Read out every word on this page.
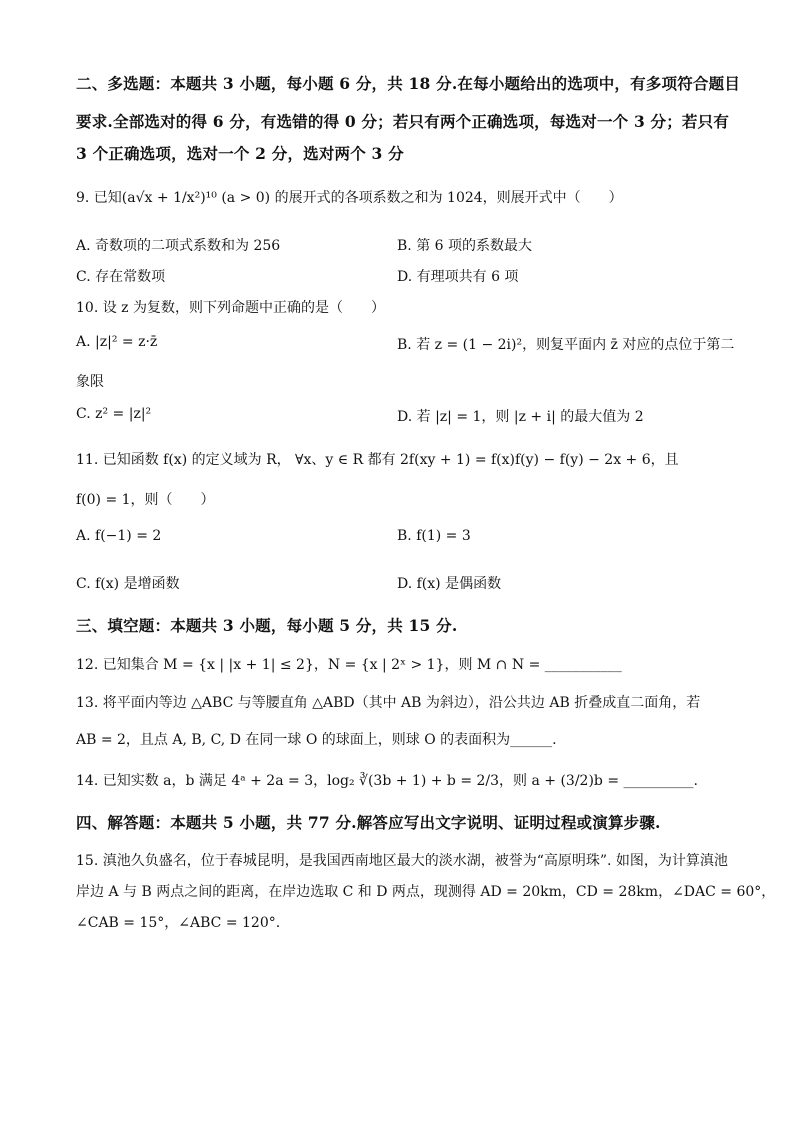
二、多选题：本题共 3 小题，每小题 6 分，共 18 分.在每小题给出的选项中，有多项符合题目
要求.全部选对的得 6 分，有选错的得 0 分；若只有两个正确选项，每选对一个 3 分；若只有
3 个正确选项，选对一个 2 分，选对两个 3 分
9. 已知(a√x + 1/x²)¹⁰ (a > 0) 的展开式的各项系数之和为 1024，则展开式中（　　）
A. 奇数项的二项式系数和为 256	B. 第 6 项的系数最大
C. 存在常数项	D. 有理项共有 6 项
10. 设 z 为复数，则下列命题中正确的是（　　）
A. |z|² = z·z̄	B. 若 z = (1 − 2i)²，则复平面内 z̄ 对应的点位于第二
象限
C. z² = |z|²	D. 若 |z| = 1，则 |z + i| 的最大值为 2
11. 已知函数 f(x) 的定义域为 R， ∀x、y ∈ R 都有 2f(xy + 1) = f(x)f(y) − f(y) − 2x + 6，且
f(0) = 1，则（　　）
A. f(−1) = 2	B. f(1) = 3
C. f(x) 是增函数	D. f(x) 是偶函数
三、填空题：本题共 3 小题，每小题 5 分，共 15 分.
12. 已知集合 M = {x | |x + 1| ≤ 2}，N = {x | 2ˣ > 1}，则 M ∩ N = ___________
13. 将平面内等边 △ABC 与等腰直角 △ABD（其中 AB 为斜边），沿公共边 AB 折叠成直二面角，若
AB = 2，且点 A, B, C, D 在同一球 O 的球面上，则球 O 的表面积为______.
14. 已知实数 a，b 满足 4ᵃ + 2a = 3，log₂ ∛(3b + 1) + b = 2/3，则 a + (3/2)b = __________.
四、解答题：本题共 5 小题，共 77 分.解答应写出文字说明、证明过程或演算步骤.
15. 滇池久负盛名，位于春城昆明，是我国西南地区最大的淡水湖，被誉为“高原明珠”. 如图，为计算滇池
岸边 A 与 B 两点之间的距离，在岸边选取 C 和 D 两点，现测得 AD = 20km，CD = 28km，∠DAC = 60°，
∠CAB = 15°，∠ABC = 120°.
